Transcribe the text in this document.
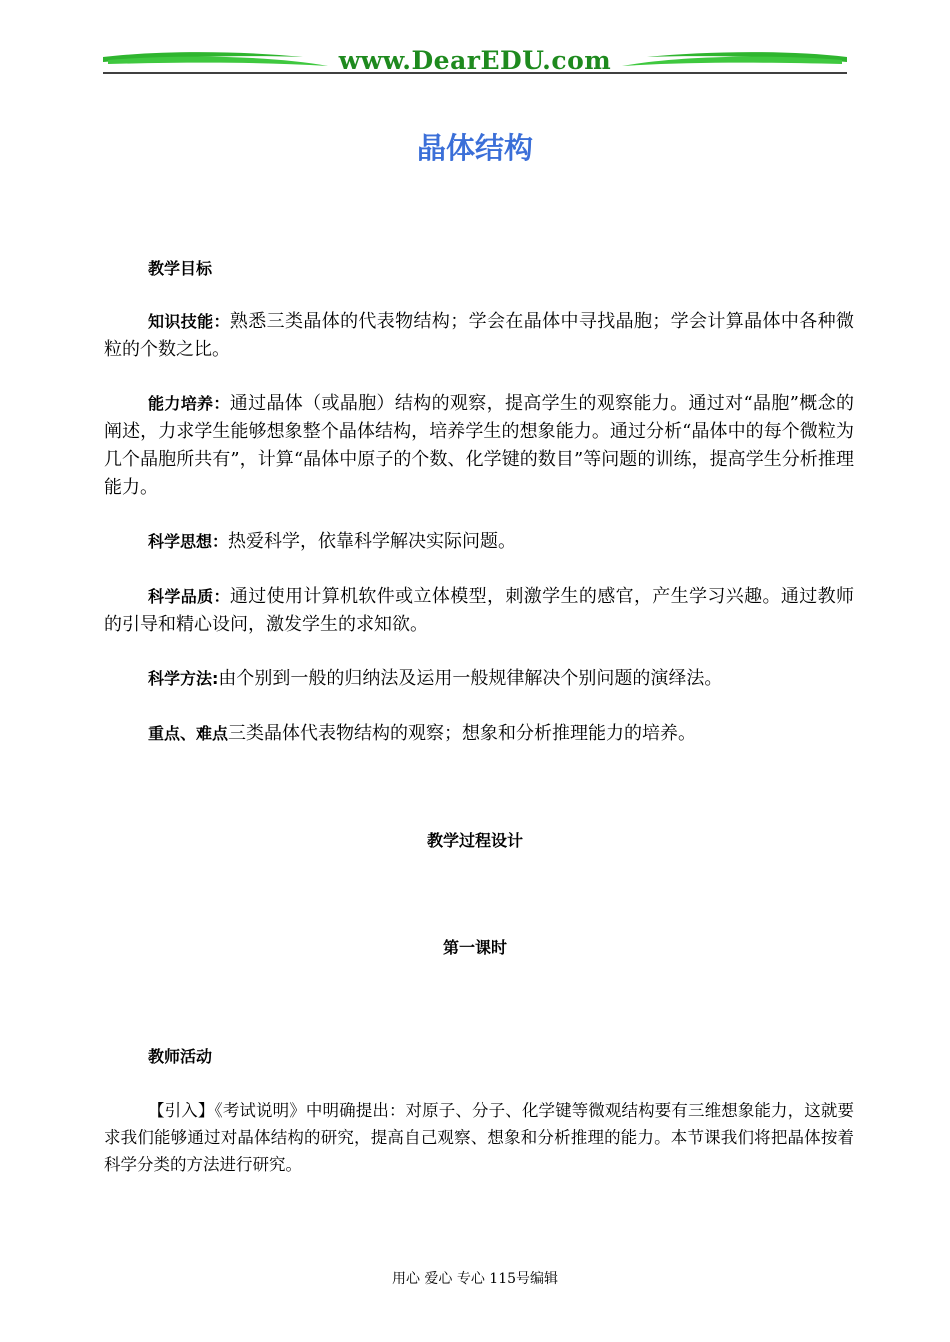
www.DearEDU.com
晶体结构
教学目标
知识技能：熟悉三类晶体的代表物结构；学会在晶体中寻找晶胞；学会计算晶体中各种微粒的个数之比。
能力培养：通过晶体（或晶胞）结构的观察，提高学生的观察能力。通过对“晶胞”概念的阐述，力求学生能够想象整个晶体结构，培养学生的想象能力。通过分析“晶体中的每个微粒为几个晶胞所共有”，计算“晶体中原子的个数、化学键的数目”等问题的训练，提高学生分析推理能力。
科学思想：热爱科学，依靠科学解决实际问题。
科学品质：通过使用计算机软件或立体模型，刺激学生的感官，产生学习兴趣。通过教师的引导和精心设问，激发学生的求知欲。
科学方法:由个别到一般的归纳法及运用一般规律解决个别问题的演绎法。
重点、难点三类晶体代表物结构的观察；想象和分析推理能力的培养。
教学过程设计
第一课时
教师活动
【引入】《考试说明》中明确提出：对原子、分子、化学键等微观结构要有三维想象能力，这就要求我们能够通过对晶体结构的研究，提高自己观察、想象和分析推理的能力。本节课我们将把晶体按着科学分类的方法进行研究。
用心 爱心 专心 115号编辑
